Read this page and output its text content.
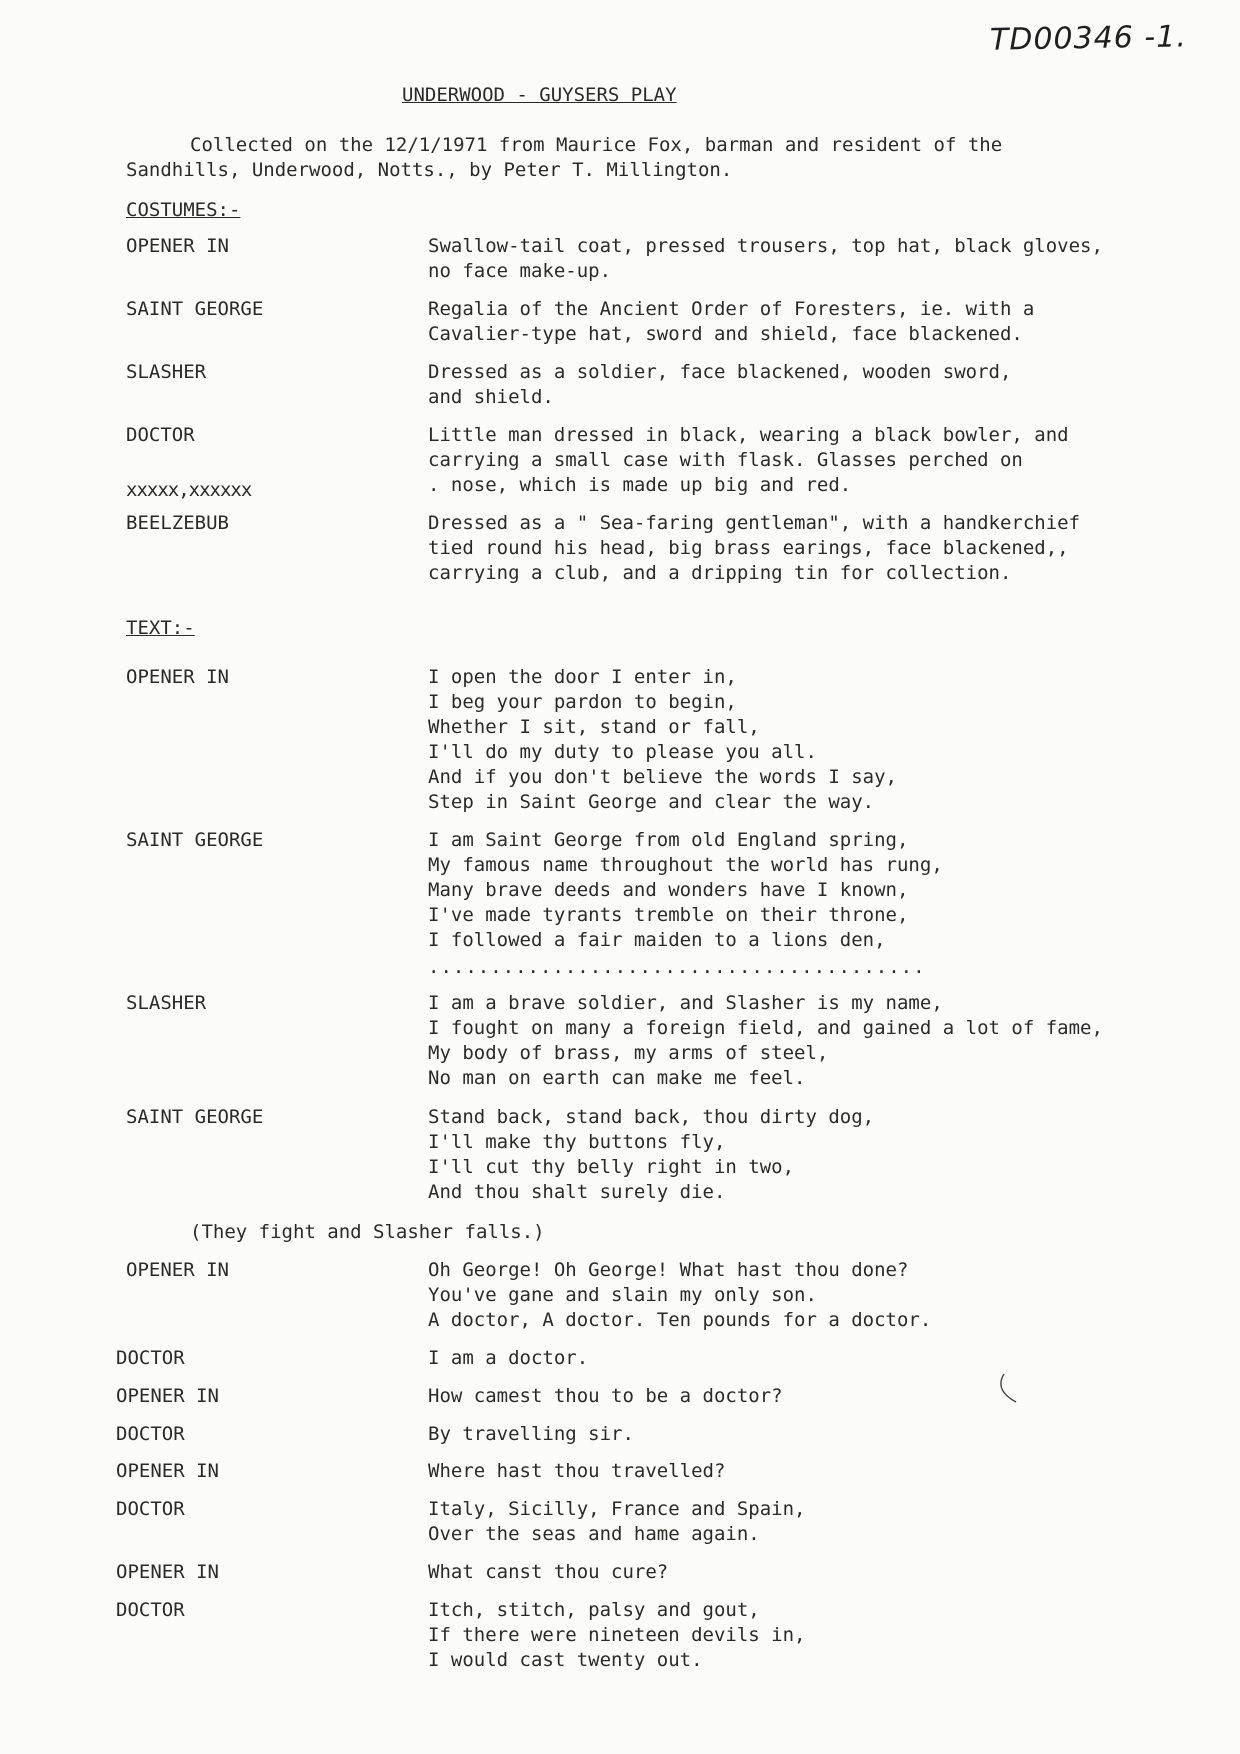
TD00346 -1.
UNDERWOOD - GUYSERS PLAY
Collected on the 12/1/1971 from Maurice Fox, barman and resident of the
Sandhills, Underwood, Notts., by Peter T. Millington.
COSTUMES:-
OPENER IN	Swallow-tail coat, pressed trousers, top hat, black gloves,
no face make-up.
SAINT GEORGE	Regalia of the Ancient Order of Foresters, ie. with a
Cavalier-type hat, sword and shield, face blackened.
SLASHER	Dressed as a soldier, face blackened, wooden sword,
and shield.
DOCTOR	Little man dressed in black, wearing a black bowler, and
carrying a small case with flask. Glasses perched on
. nose, which is made up big and red.
xxxxx,xxxxxx
BEELZEBUB	Dressed as a " Sea-faring gentleman", with a handkerchief
tied round his head, big brass earings, face blackened,,
carrying a club, and a dripping tin for collection.
TEXT:-
OPENER IN	I open the door I enter in,
I beg your pardon to begin,
Whether I sit, stand or fall,
I'll do my duty to please you all.
And if you don't believe the words I say,
Step in Saint George and clear the way.
SAINT GEORGE	I am Saint George from old England spring,
My famous name throughout the world has rung,
Many brave deeds and wonders have I known,
I've made tyrants tremble on their throne,
I followed a fair maiden to a lions den,
........................................
SLASHER	I am a brave soldier, and Slasher is my name,
I fought on many a foreign field, and gained a lot of fame,
My body of brass, my arms of steel,
No man on earth can make me feel.
SAINT GEORGE	Stand back, stand back, thou dirty dog,
I'll make thy buttons fly,
I'll cut thy belly right in two,
And thou shalt surely die.
(They fight and Slasher falls.)
OPENER IN	Oh George! Oh George! What hast thou done?
You've gane and slain my only son.
A doctor, A doctor. Ten pounds for a doctor.
DOCTOR	I am a doctor.
OPENER IN	How camest thou to be a doctor?
DOCTOR	By travelling sir.
OPENER IN	Where hast thou travelled?
DOCTOR	Italy, Sicilly, France and Spain,
Over the seas and hame again.
OPENER IN	What canst thou cure?
DOCTOR	Itch, stitch, palsy and gout,
If there were nineteen devils in,
I would cast twenty out.
